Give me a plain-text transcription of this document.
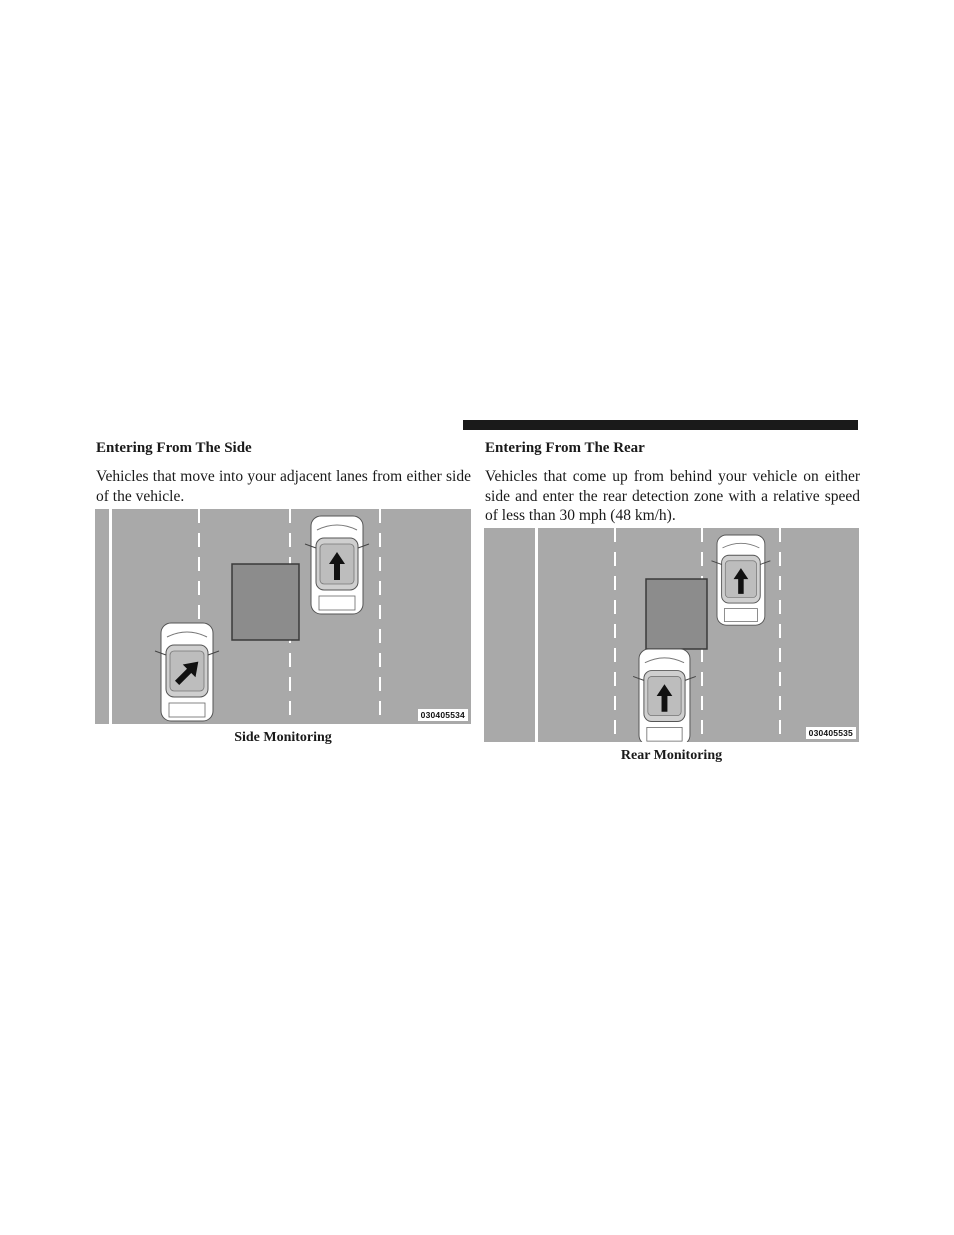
Entering From The Side

Vehicles that move into your adjacent lanes from either side of the vehicle.

030405534
Side Monitoring

Entering From The Rear

Vehicles that come up from behind your vehicle on either side and enter the rear detection zone with a relative speed of less than 30 mph (48 km/h).

030405535
Rear Monitoring
